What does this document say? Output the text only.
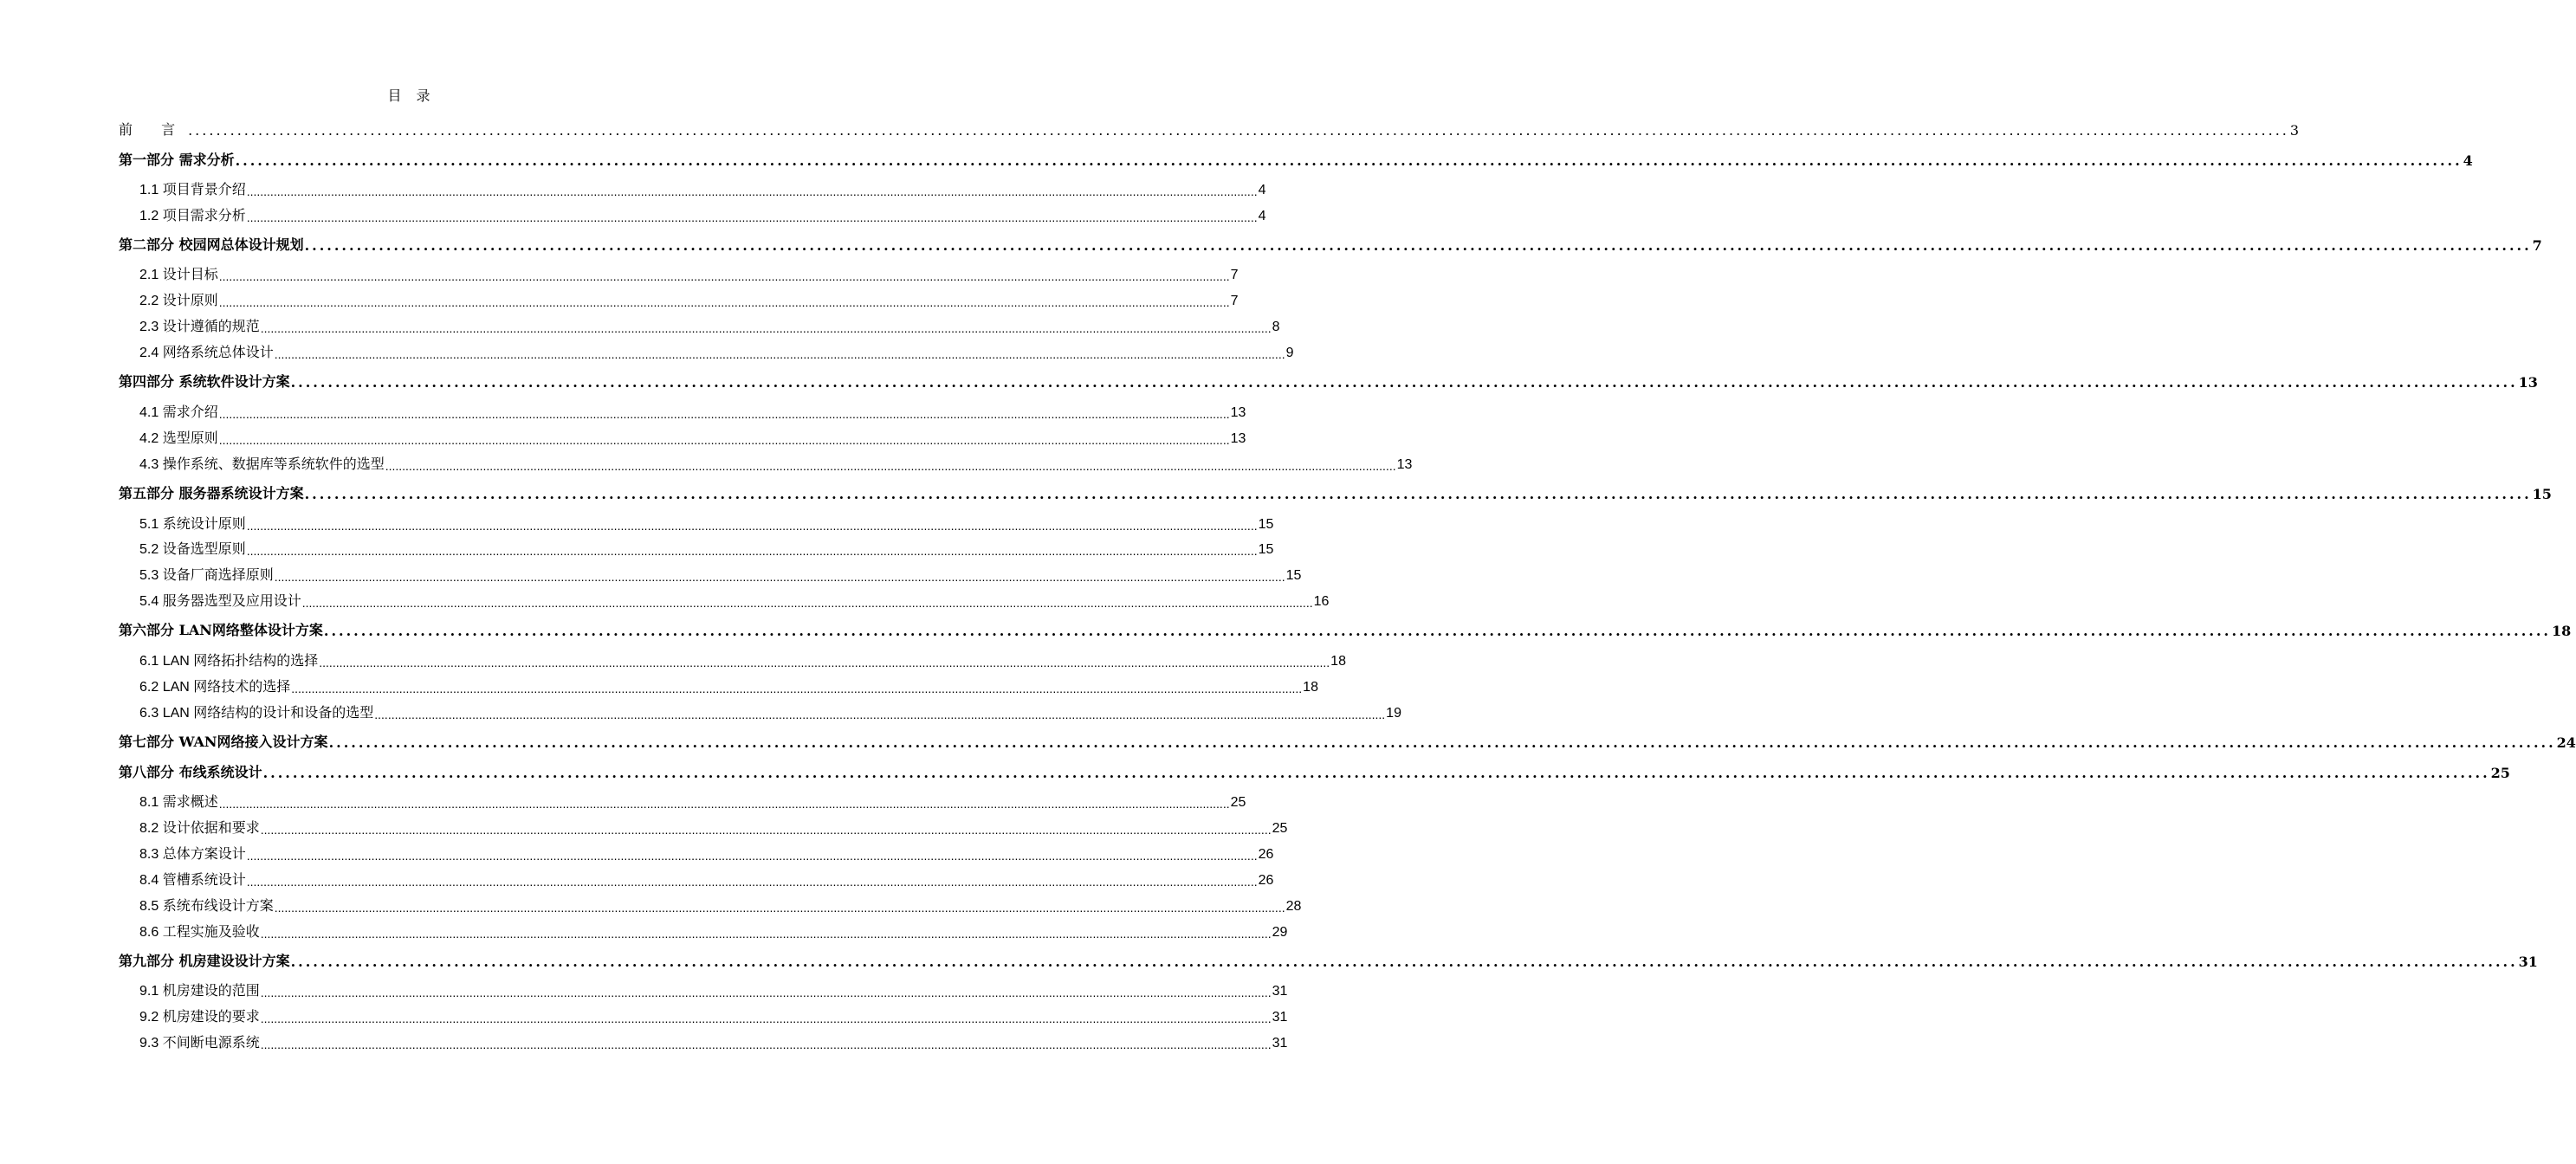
目 录
前 言 ............................................................................................................................................................................................................................................................................................................ 3
第一部分 需求分析 ............................................................................................................................................................................................................................................................................................................ 4
1.1 项目背景介绍 ............................................................................................................................................................................................................................................................................................................ 4
1.2 项目需求分析 ............................................................................................................................................................................................................................................................................................................ 4
第二部分 校园网总体设计规划 ............................................................................................................................................................................................................................................................................................................ 7
2.1 设计目标 ............................................................................................................................................................................................................................................................................................................ 7
2.2 设计原则 ............................................................................................................................................................................................................................................................................................................ 7
2.3 设计遵循的规范 ............................................................................................................................................................................................................................................................................................................ 8
2.4 网络系统总体设计 ............................................................................................................................................................................................................................................................................................................ 9
第四部分 系统软件设计方案 ............................................................................................................................................................................................................................................................................................................ 13
4.1 需求介绍 ............................................................................................................................................................................................................................................................................................................ 13
4.2 选型原则 ............................................................................................................................................................................................................................................................................................................ 13
4.3 操作系统、数据库等系统软件的选型 ............................................................................................................................................................................................................................................................................................................ 13
第五部分 服务器系统设计方案 ............................................................................................................................................................................................................................................................................................................ 15
5.1 系统设计原则 ............................................................................................................................................................................................................................................................................................................ 15
5.2 设备选型原则 ............................................................................................................................................................................................................................................................................................................ 15
5.3 设备厂商选择原则 ............................................................................................................................................................................................................................................................................................................ 15
5.4 服务器选型及应用设计 ............................................................................................................................................................................................................................................................................................................ 16
第六部分 LAN网络整体设计方案 ............................................................................................................................................................................................................................................................................................................ 18
6.1 LAN 网络拓扑结构的选择 ............................................................................................................................................................................................................................................................................................................ 18
6.2 LAN 网络技术的选择 ............................................................................................................................................................................................................................................................................................................ 18
6.3 LAN 网络结构的设计和设备的选型 ............................................................................................................................................................................................................................................................................................................ 19
第七部分 WAN网络接入设计方案 ............................................................................................................................................................................................................................................................................................................ 24
第八部分 布线系统设计 ............................................................................................................................................................................................................................................................................................................ 25
8.1 需求概述 ............................................................................................................................................................................................................................................................................................................ 25
8.2 设计依据和要求 ............................................................................................................................................................................................................................................................................................................ 25
8.3 总体方案设计 ............................................................................................................................................................................................................................................................................................................ 26
8.4 管槽系统设计 ............................................................................................................................................................................................................................................................................................................ 26
8.5 系统布线设计方案 ............................................................................................................................................................................................................................................................................................................ 28
8.6 工程实施及验收 ............................................................................................................................................................................................................................................................................................................ 29
第九部分 机房建设设计方案 ............................................................................................................................................................................................................................................................................................................ 31
9.1 机房建设的范围 ............................................................................................................................................................................................................................................................................................................ 31
9.2 机房建设的要求 ............................................................................................................................................................................................................................................................................................................ 31
9.3 不间断电源系统 ............................................................................................................................................................................................................................................................................................................ 31
